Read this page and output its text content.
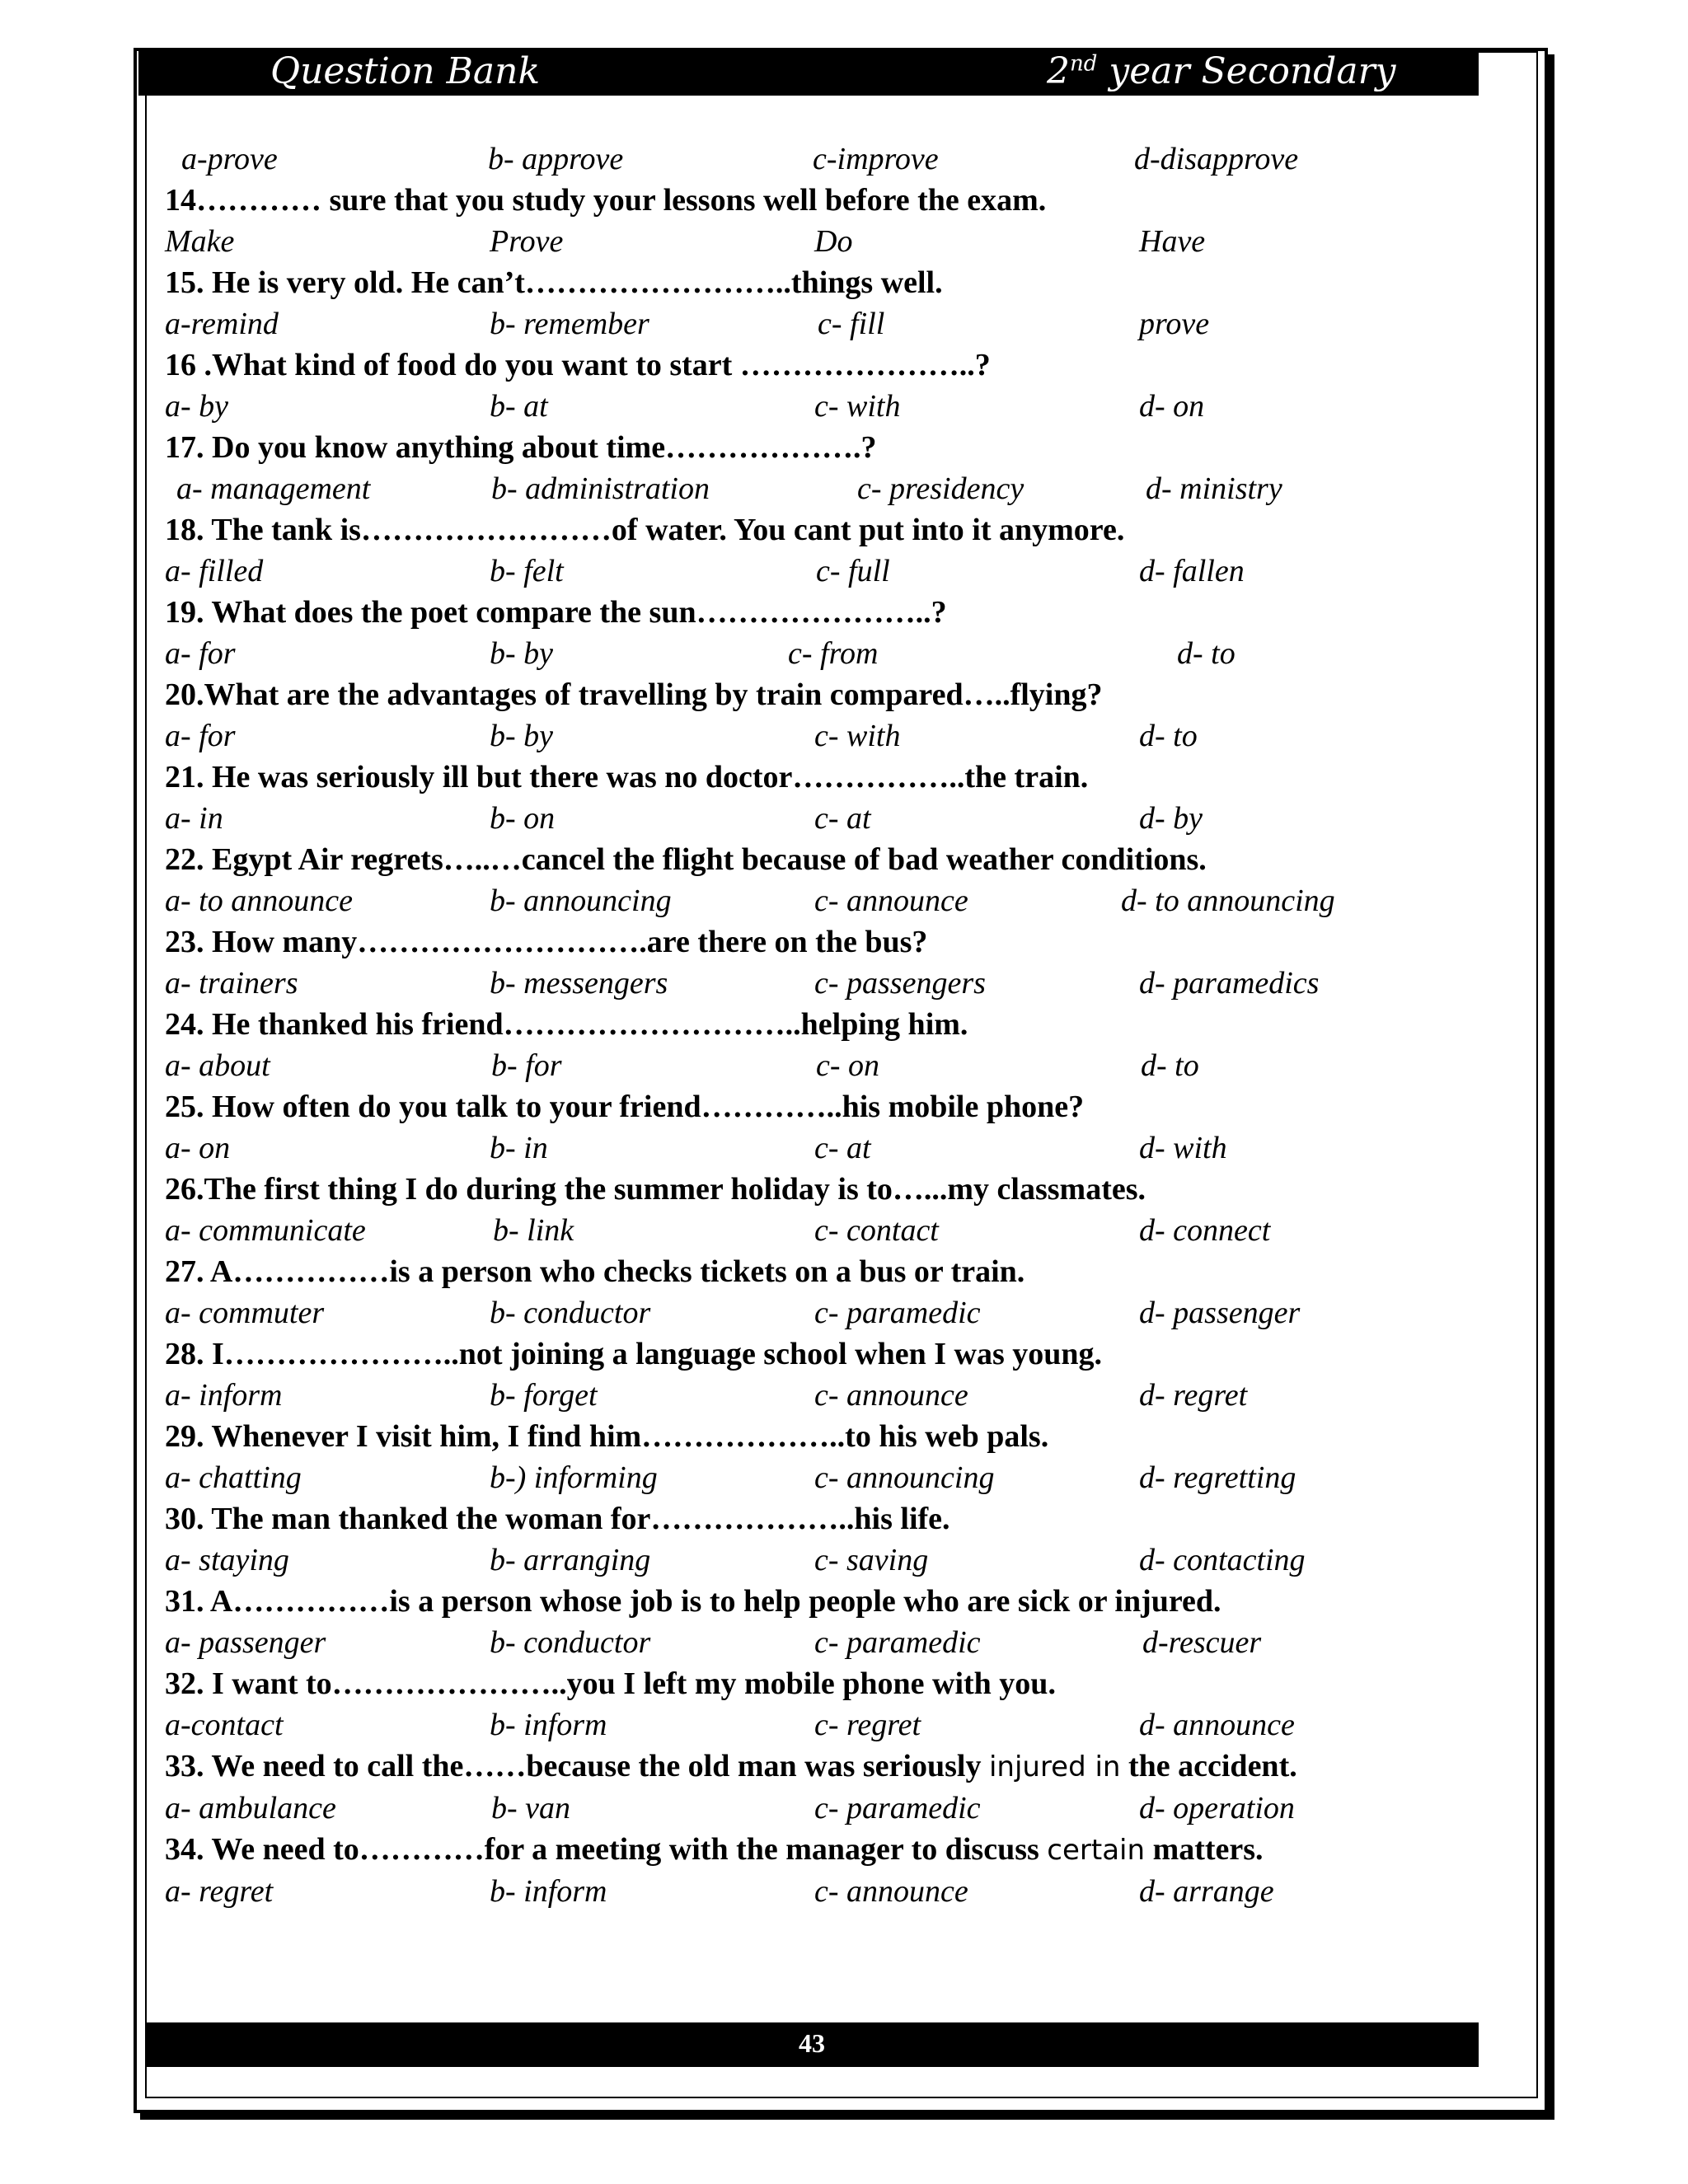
Question Bank	2nd year Secondary
a-prove	b- approve	c-improve	d-disapprove
14………… sure that you study your lessons well before the exam.
Make	Prove	Do	Have
15. He is very old. He can’t……………………..things well.
a-remind	b- remember	c- fill	prove
16 .What kind of food do you want to start …………………..?
a- by	b- at	c- with	d- on
17. Do you know anything about time……………….?
a- management	b- administration	c- presidency	d- ministry
18. The tank is……………………of water. You cant put into it anymore.
a- filled	b- felt	c- full	d- fallen
19. What does the poet compare the sun…………………..?
a- for	b- by	c- from	d- to
20.What are the advantages of travelling by train compared…..flying?
a- for	b- by	c- with	d- to
21. He was seriously ill but there was no doctor……………..the train.
a- in	b- on	c- at	d- by
22. Egypt Air regrets…..…cancel the flight because of bad weather conditions.
a- to announce	b- announcing	c- announce	d- to announcing
23. How many……………………….are there on the bus?
a- trainers	b- messengers	c- passengers	d- paramedics
24. He thanked his friend………………………..helping him.
a- about	b- for	c- on	d- to
25. How often do you talk to your friend…………..his mobile phone?
a- on	b- in	c- at	d- with
26.The first thing I do during the summer holiday is to…...my classmates.
a- communicate	b- link	c- contact	d- connect
27. A……………is a person who checks tickets on a bus or train.
a- commuter	b- conductor	c- paramedic	d- passenger
28. I…………………..not joining a language school when I was young.
a- inform	b- forget	c- announce	d- regret
29. Whenever I visit him, I find him………………..to his web pals.
a- chatting	b-) informing	c- announcing	d- regretting
30. The man thanked the woman for………………..his life.
a- staying	b- arranging	c- saving	d- contacting
31. A……………is a person whose job is to help people who are sick or injured.
a- passenger	b- conductor	c- paramedic	d-rescuer
32. I want to…………………..you I left my mobile phone with you.
a-contact	b- inform	c- regret	d- announce
33. We need to call the……because the old man was seriously injured in the accident.
a- ambulance	b- van	c- paramedic	d- operation
34. We need to…………for a meeting with the manager to discuss certain matters.
a- regret	b- inform	c- announce	d- arrange
43
